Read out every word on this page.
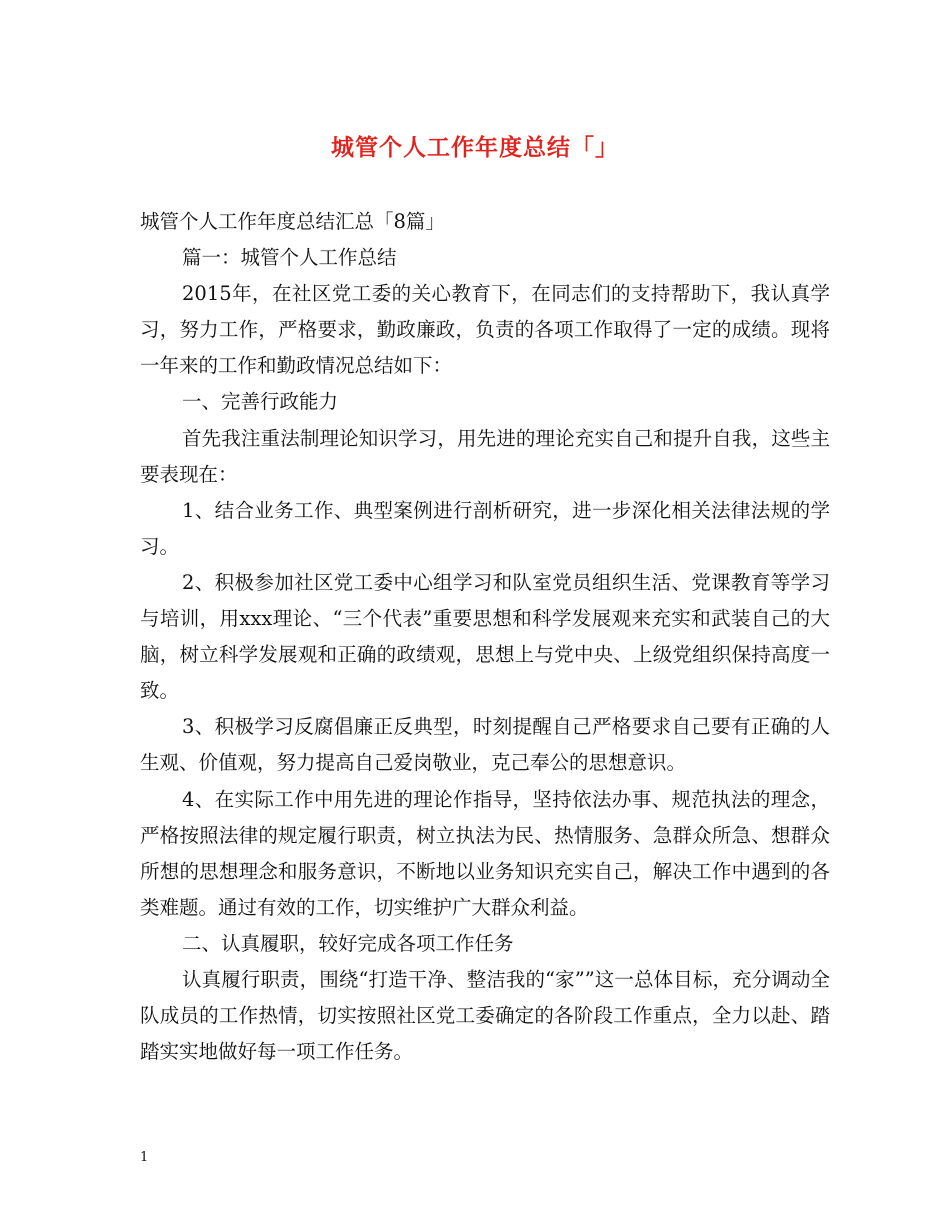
城管个人工作年度总结「」

城管个人工作年度总结汇总「8篇」

篇一：城管个人工作总结

2015年，在社区党工委的关心教育下，在同志们的支持帮助下，我认真学习，努力工作，严格要求，勤政廉政，负责的各项工作取得了一定的成绩。现将一年来的工作和勤政情况总结如下：

一、完善行政能力

首先我注重法制理论知识学习，用先进的理论充实自己和提升自我，这些主要表现在：

1、结合业务工作、典型案例进行剖析研究，进一步深化相关法律法规的学习。

2、积极参加社区党工委中心组学习和队室党员组织生活、党课教育等学习与培训，用xxx理论、“三个代表”重要思想和科学发展观来充实和武装自己的大脑，树立科学发展观和正确的政绩观，思想上与党中央、上级党组织保持高度一致。

3、积极学习反腐倡廉正反典型，时刻提醒自己严格要求自己要有正确的人生观、价值观，努力提高自己爱岗敬业，克己奉公的思想意识。

4、在实际工作中用先进的理论作指导，坚持依法办事、规范执法的理念，严格按照法律的规定履行职责，树立执法为民、热情服务、急群众所急、想群众所想的思想理念和服务意识，不断地以业务知识充实自己，解决工作中遇到的各类难题。通过有效的工作，切实维护广大群众利益。

二、认真履职，较好完成各项工作任务

认真履行职责，围绕“打造干净、整洁我的“家””这一总体目标，充分调动全队成员的工作热情，切实按照社区党工委确定的各阶段工作重点，全力以赴、踏踏实实地做好每一项工作任务。

1
